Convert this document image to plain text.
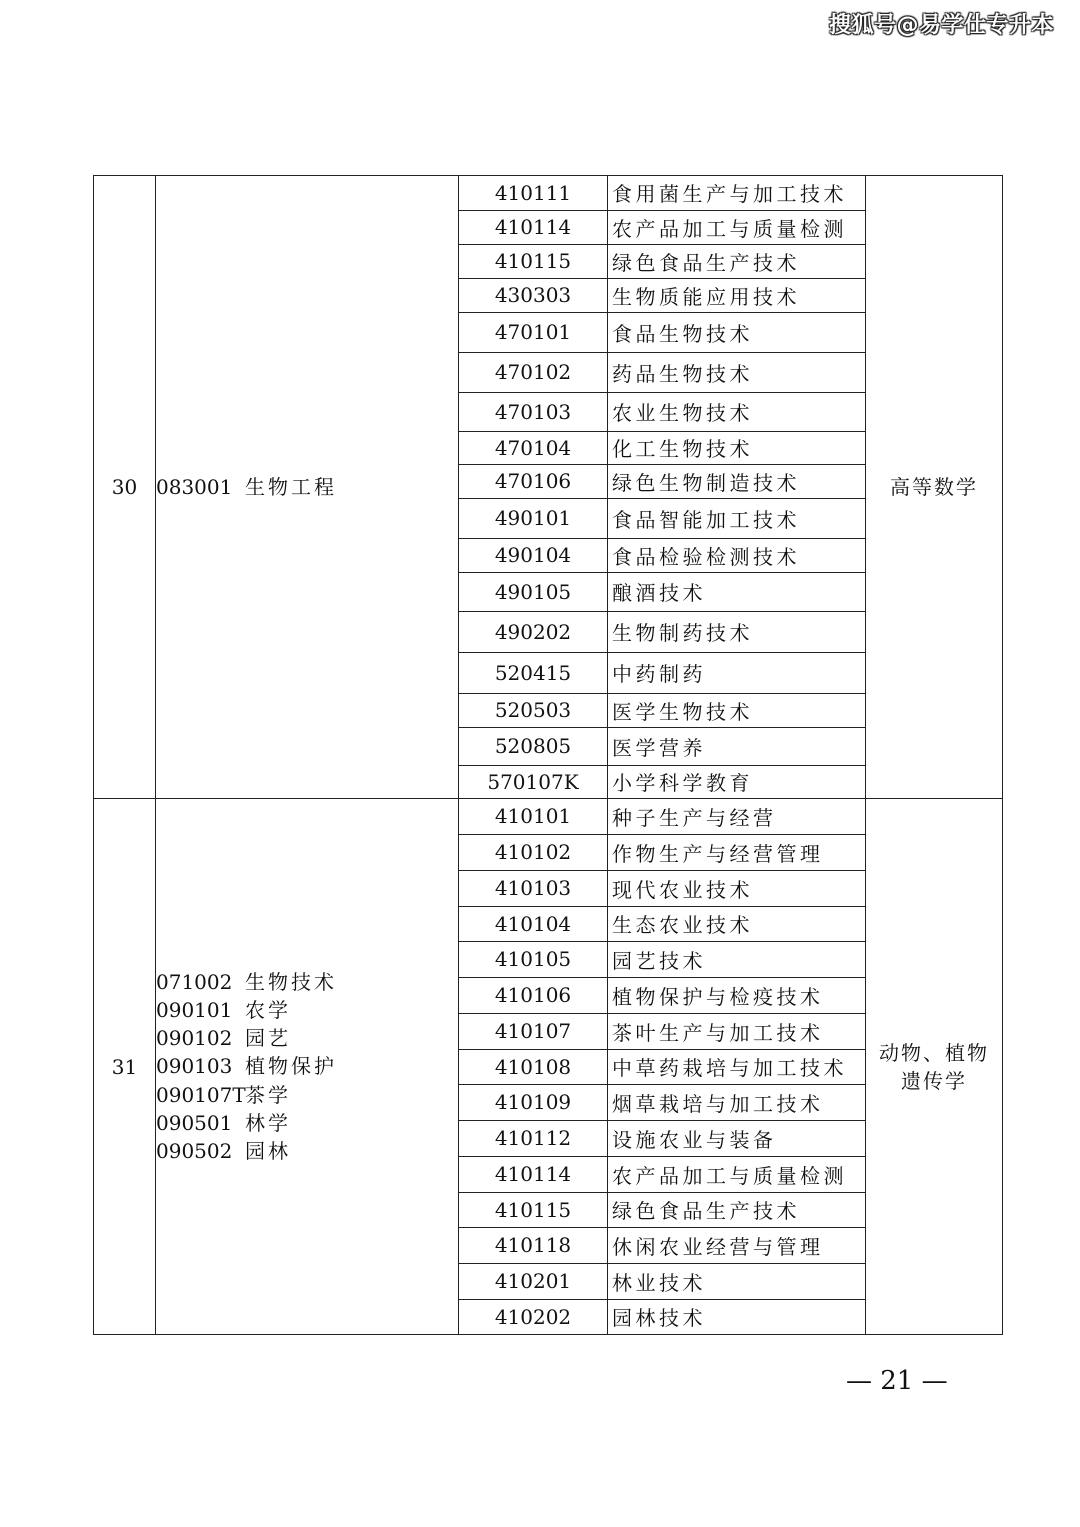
搜狐号@易学仕专升本
30	083001 生物工程

410111	食用菌生产与加工技术
410114	农产品加工与质量检测
410115	绿色食品生产技术
430303	生物质能应用技术
470101	食品生物技术
470102	药品生物技术
470103	农业生物技术
470104	化工生物技术
470106	绿色生物制造技术
490101	食品智能加工技术
490104	食品检验检测技术
490105	酿酒技术
490202	生物制药技术
520415	中药制药
520503	医学生物技术
520805	医学营养
570107K	小学科学教育
	高等数学
31	
071002 生物技术
090101 农学
090102 园艺
090103 植物保护
090107T茶学
090501 林学
090502 园林

410101	种子生产与经营
410102	作物生产与经营管理
410103	现代农业技术
410104	生态农业技术
410105	园艺技术
410106	植物保护与检疫技术
410107	茶叶生产与加工技术
410108	中草药栽培与加工技术
410109	烟草栽培与加工技术
410112	设施农业与装备
410114	农产品加工与质量检测
410115	绿色食品生产技术
410118	休闲农业经营与管理
410201	林业技术
410202	园林技术
	动物、植物遗传学
— 21 —
